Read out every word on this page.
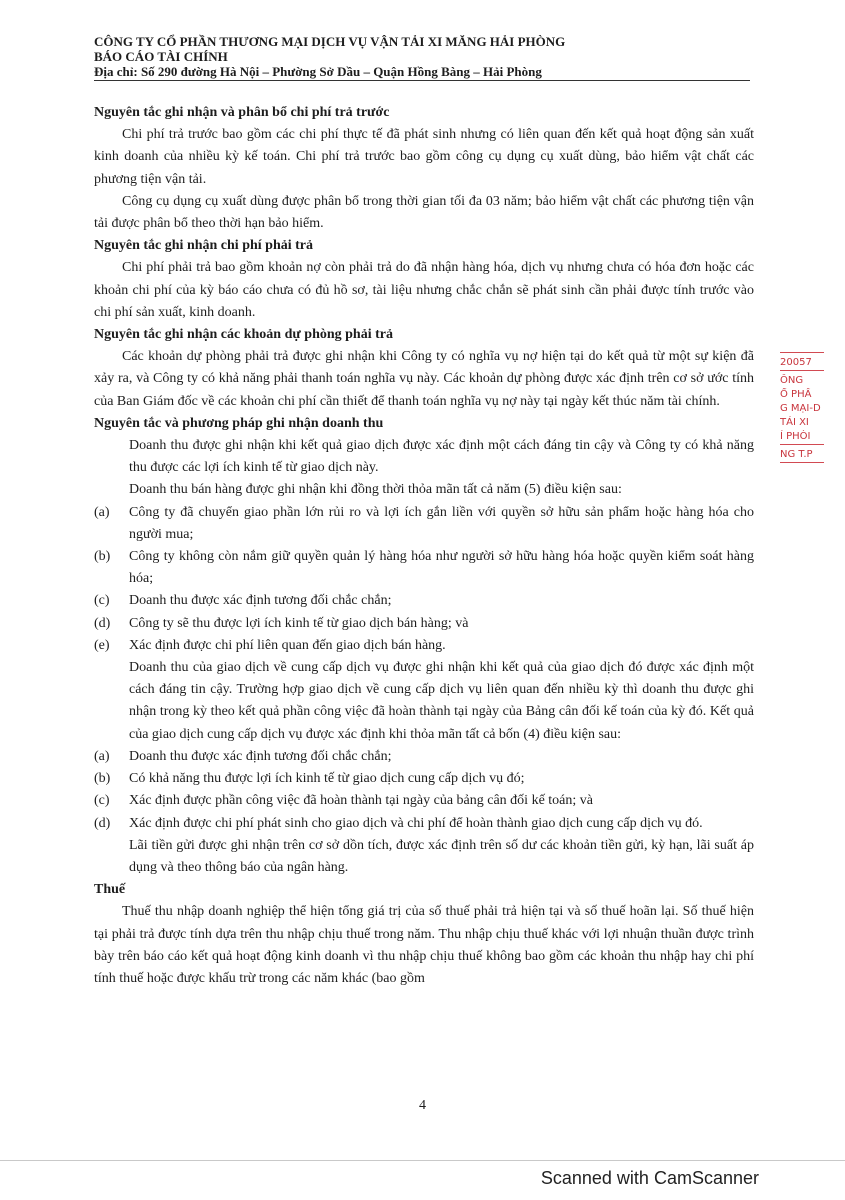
CÔNG TY CỔ PHẦN THƯƠNG MẠI DỊCH VỤ VẬN TẢI XI MĂNG HẢI PHÒNG
BÁO CÁO TÀI CHÍNH
Địa chỉ: Số 290 đường Hà Nội – Phường Sở Dầu – Quận Hồng Bàng – Hải Phòng

Nguyên tắc ghi nhận và phân bổ chi phí trả trước

Chi phí trả trước bao gồm các chi phí thực tế đã phát sinh nhưng có liên quan đến kết quả hoạt động sản xuất kinh doanh của nhiều kỳ kế toán. Chi phí trả trước bao gồm công cụ dụng cụ xuất dùng, bảo hiểm vật chất các phương tiện vận tải.

Công cụ dụng cụ xuất dùng được phân bổ trong thời gian tối đa 03 năm; bảo hiểm vật chất các phương tiện vận tải được phân bổ theo thời hạn bảo hiểm.

Nguyên tắc ghi nhận chi phí phải trả

Chi phí phải trả bao gồm khoản nợ còn phải trả do đã nhận hàng hóa, dịch vụ nhưng chưa có hóa đơn hoặc các khoản chi phí của kỳ báo cáo chưa có đủ hồ sơ, tài liệu nhưng chắc chắn sẽ phát sinh cần phải được tính trước vào chi phí sản xuất, kinh doanh.

Nguyên tắc ghi nhận các khoản dự phòng phải trả

Các khoản dự phòng phải trả được ghi nhận khi Công ty có nghĩa vụ nợ hiện tại do kết quả từ một sự kiện đã xảy ra, và Công ty có khả năng phải thanh toán nghĩa vụ này. Các khoản dự phòng được xác định trên cơ sở ước tính của Ban Giám đốc về các khoản chi phí cần thiết để thanh toán nghĩa vụ nợ này tại ngày kết thúc năm tài chính.

Nguyên tắc và phương pháp ghi nhận doanh thu

Doanh thu được ghi nhận khi kết quả giao dịch được xác định một cách đáng tin cậy và Công ty có khả năng thu được các lợi ích kinh tế từ giao dịch này.

Doanh thu bán hàng được ghi nhận khi đồng thời thỏa mãn tất cả năm (5) điều kiện sau:

(a) Công ty đã chuyển giao phần lớn rủi ro và lợi ích gắn liền với quyền sở hữu sản phẩm hoặc hàng hóa cho người mua;
(b) Công ty không còn nắm giữ quyền quản lý hàng hóa như người sở hữu hàng hóa hoặc quyền kiểm soát hàng hóa;
(c) Doanh thu được xác định tương đối chắc chắn;
(d) Công ty sẽ thu được lợi ích kinh tế từ giao dịch bán hàng; và
(e) Xác định được chi phí liên quan đến giao dịch bán hàng.

Doanh thu của giao dịch về cung cấp dịch vụ được ghi nhận khi kết quả của giao dịch đó được xác định một cách đáng tin cậy. Trường hợp giao dịch về cung cấp dịch vụ liên quan đến nhiều kỳ thì doanh thu được ghi nhận trong kỳ theo kết quả phần công việc đã hoàn thành tại ngày của Bảng cân đối kế toán của kỳ đó. Kết quả của giao dịch cung cấp dịch vụ được xác định khi thỏa mãn tất cả bốn (4) điều kiện sau:

(a) Doanh thu được xác định tương đối chắc chắn;
(b) Có khả năng thu được lợi ích kinh tế từ giao dịch cung cấp dịch vụ đó;
(c) Xác định được phần công việc đã hoàn thành tại ngày của bảng cân đối kế toán; và
(d) Xác định được chi phí phát sinh cho giao dịch và chi phí để hoàn thành giao dịch cung cấp dịch vụ đó.

Lãi tiền gửi được ghi nhận trên cơ sở dồn tích, được xác định trên số dư các khoản tiền gửi, kỳ hạn, lãi suất áp dụng và theo thông báo của ngân hàng.

Thuế

Thuế thu nhập doanh nghiệp thể hiện tổng giá trị của số thuế phải trả hiện tại và số thuế hoãn lại. Số thuế hiện tại phải trả được tính dựa trên thu nhập chịu thuế trong năm. Thu nhập chịu thuế khác với lợi nhuận thuần được trình bày trên báo cáo kết quả hoạt động kinh doanh vì thu nhập chịu thuế không bao gồm các khoản thu nhập hay chi phí tính thuế hoặc được khấu trừ trong các năm khác (bao gồm

20057
ÔNG
Ổ PHẦ
G MẠI-D
TẢI XI
Ỉ PHÒI
NG T.P
4
Scanned with CamScanner
